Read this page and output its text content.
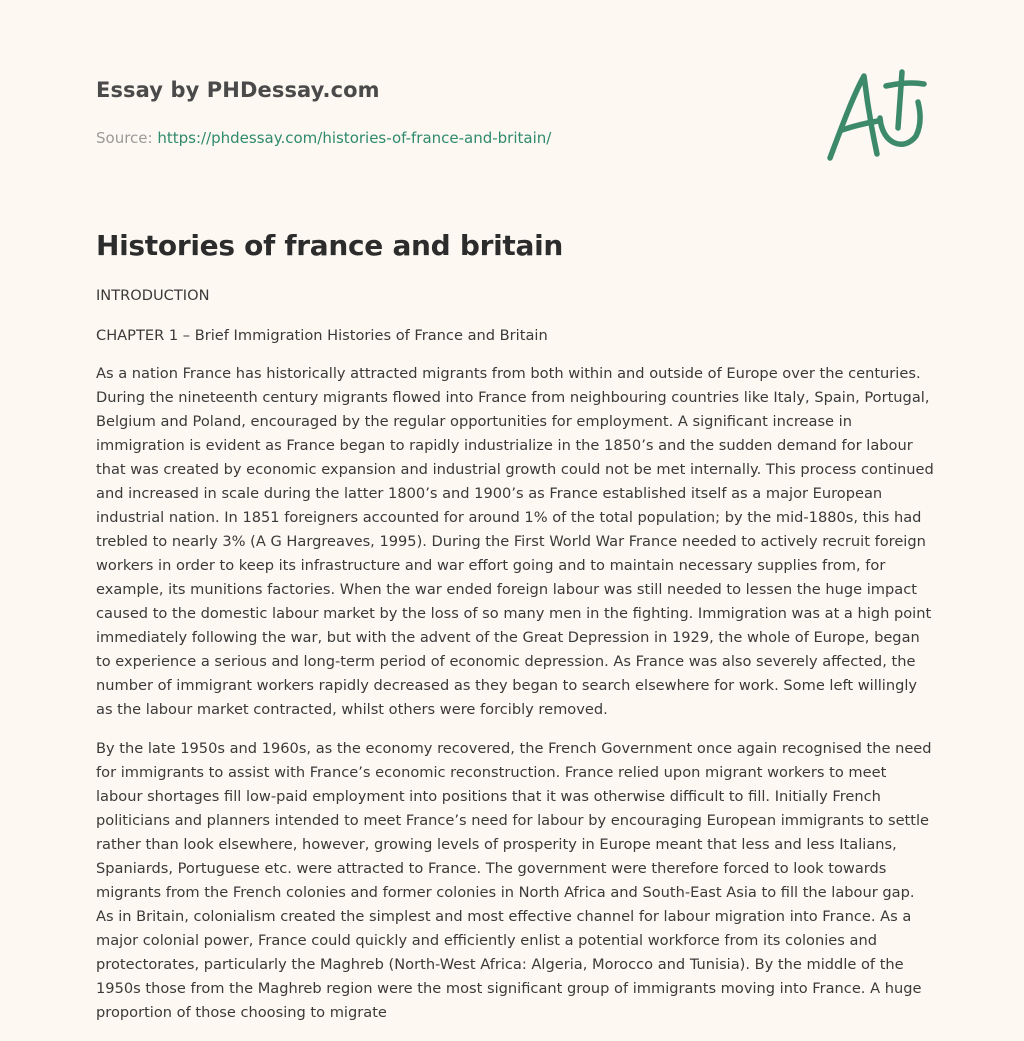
Essay by PHDessay.com
Source: https://phdessay.com/histories-of-france-and-britain/
Histories of france and britain

INTRODUCTION

CHAPTER 1 – Brief Immigration Histories of France and Britain

As a nation France has historically attracted migrants from both within and outside of Europe over the centuries. During the nineteenth century migrants flowed into France from neighbouring countries like Italy, Spain, Portugal, Belgium and Poland, encouraged by the regular opportunities for employment. A significant increase in immigration is evident as France began to rapidly industrialize in the 1850’s and the sudden demand for labour that was created by economic expansion and industrial growth could not be met internally. This process continued and increased in scale during the latter 1800’s and 1900’s as France established itself as a major European industrial nation. In 1851 foreigners accounted for around 1% of the total population; by the mid-1880s, this had trebled to nearly 3% (A G Hargreaves, 1995). During the First World War France needed to actively recruit foreign workers in order to keep its infrastructure and war effort going and to maintain necessary supplies from, for example, its munitions factories. When the war ended foreign labour was still needed to lessen the huge impact caused to the domestic labour market by the loss of so many men in the fighting. Immigration was at a high point immediately following the war, but with the advent of the Great Depression in 1929, the whole of Europe, began to experience a serious and long-term period of economic depression. As France was also severely affected, the number of immigrant workers rapidly decreased as they began to search elsewhere for work. Some left willingly as the labour market contracted, whilst others were forcibly removed.

By the late 1950s and 1960s, as the economy recovered, the French Government once again recognised the need for immigrants to assist with France’s economic reconstruction. France relied upon migrant workers to meet labour shortages fill low-paid employment into positions that it was otherwise difficult to fill. Initially French politicians and planners intended to meet France’s need for labour by encouraging European immigrants to settle rather than look elsewhere, however, growing levels of prosperity in Europe meant that less and less Italians, Spaniards, Portuguese etc. were attracted to France. The government were therefore forced to look towards migrants from the French colonies and former colonies in North Africa and South-East Asia to fill the labour gap. As in Britain, colonialism created the simplest and most effective channel for labour migration into France. As a major colonial power, France could quickly and efficiently enlist a potential workforce from its colonies and protectorates, particularly the Maghreb (North-West Africa: Algeria, Morocco and Tunisia). By the middle of the 1950s those from the Maghreb region were the most significant group of immigrants moving into France. A huge proportion of those choosing to migrate
